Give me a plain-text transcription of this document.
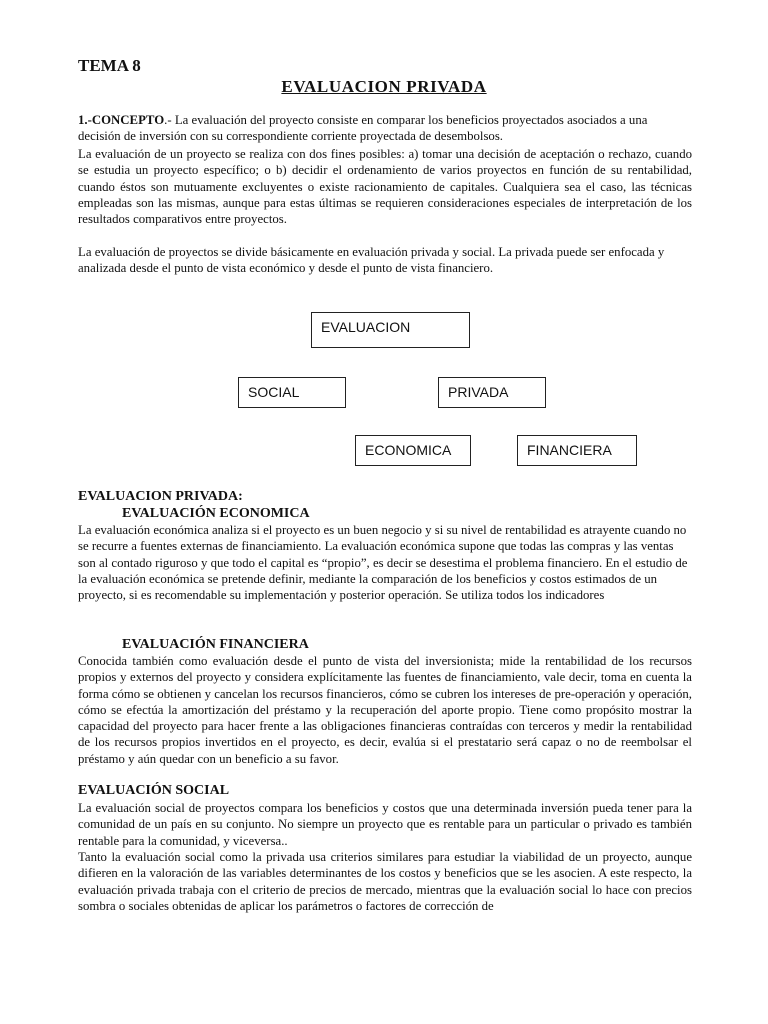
TEMA 8
EVALUACION PRIVADA
1.-CONCEPTO.- La evaluación del proyecto consiste en comparar los beneficios proyectados asociados a una decisión de inversión con su correspondiente corriente proyectada de desembolsos.
La evaluación de un proyecto se realiza con dos fines posibles: a) tomar una decisión de aceptación o rechazo, cuando se estudia un proyecto específico; o b) decidir el ordenamiento de varios proyectos en función de su rentabilidad, cuando éstos son mutuamente excluyentes o existe racionamiento de capitales. Cualquiera sea el caso, las técnicas empleadas son las mismas, aunque para estas últimas se requieren consideraciones especiales de interpretación de los resultados comparativos entre proyectos.
La evaluación de proyectos se divide básicamente en evaluación privada y social. La privada puede ser enfocada y analizada desde el punto de vista económico y desde el punto de vista financiero.
EVALUACION
SOCIAL	PRIVADA
ECONOMICA	FINANCIERA
EVALUACION PRIVADA:
EVALUACIÓN ECONOMICA
La evaluación económica analiza si el proyecto es un buen negocio y si su nivel de rentabilidad es atrayente cuando no se recurre a fuentes externas de financiamiento. La evaluación económica supone que todas las compras y las ventas son al contado riguroso y que todo el capital es “propio”, es decir se desestima el problema financiero. En el estudio de la evaluación económica se pretende definir, mediante la comparación de los beneficios y costos estimados de un proyecto, si es recomendable su implementación y posterior operación. Se utiliza todos los indicadores
EVALUACIÓN FINANCIERA
Conocida también como evaluación desde el punto de vista del inversionista; mide la rentabilidad de los recursos propios y externos del proyecto y considera explícitamente las fuentes de financiamiento, vale decir, toma en cuenta la forma cómo se obtienen y cancelan los recursos financieros, cómo se cubren los intereses de pre-operación y operación, cómo se efectúa la amortización del préstamo y la recuperación del aporte propio. Tiene como propósito mostrar la capacidad del proyecto para hacer frente a las obligaciones financieras contraídas con terceros y medir la rentabilidad de los recursos propios invertidos en el proyecto, es decir, evalúa si el prestatario será capaz o no de reembolsar el préstamo y aún quedar con un beneficio a su favor.
EVALUACIÓN SOCIAL
La evaluación social de proyectos compara los beneficios y costos que una determinada inversión pueda tener para la comunidad de un país en su conjunto. No siempre un proyecto que es rentable para un particular o privado es también rentable para la comunidad, y viceversa..
Tanto la evaluación social como la privada usa criterios similares para estudiar la viabilidad de un proyecto, aunque difieren en la valoración de las variables determinantes de los costos y beneficios que se les asocien. A este respecto, la evaluación privada trabaja con el criterio de precios de mercado, mientras que la evaluación social lo hace con precios sombra o sociales obtenidas de aplicar los parámetros o factores de corrección de
